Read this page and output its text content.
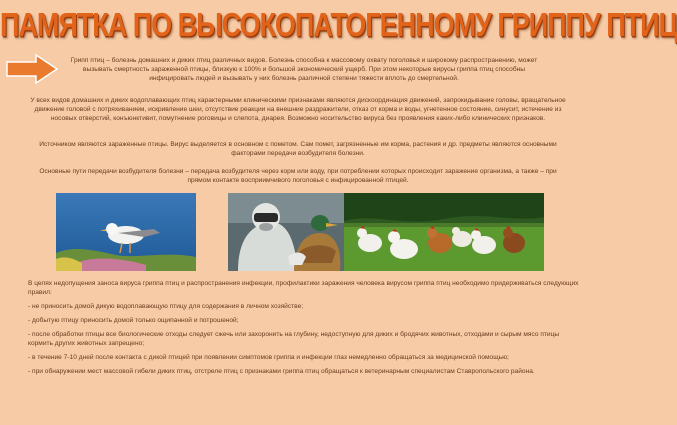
ПАМЯТКА ПО ВЫСОКОПАТОГЕННОМУ ГРИППУ ПТИЦ
Грипп птиц – болезнь домашних и диких птиц различных видов. Болезнь способна к массовому охвату поголовья и широкому распространению, может вызывать смертность зараженной птицы, близкую к 100% и большой экономический ущерб. При этом некоторые вирусы гриппа птиц способны инфицировать людей и вызывать у них болезнь различной степени тяжести вплоть до смертельной.
У всех видов домашних и диких водоплавающих птиц характерными клиническими признаками являются дискоординация движений, запрокидывание головы, вращательное движение головой с потряхиванием, искривление шеи, отсутствие реакции на внешние раздражители, отказ от корма и воды, угнетенное состояние, синусит, истечение из носовых отверстий, конъюнктивит, помутнение роговицы и слепота, диарея. Возможно носительство вируса без проявления каких-либо клинических признаков.
Источником являются зараженные птицы. Вирус выделяется в основном с пометом. Сам помет, загрязненные им корма, растения и др. предметы являются основными факторами передачи возбудителя болезни.
Основные пути передачи возбудителя болезни – передача возбудителя через корм или воду, при потреблении которых происходит заражение организма, а также – при прямом контакте восприимчивого поголовья с инфицированной птицей.

В целях недопущения заноса вируса гриппа птиц и распространения инфекции, профилактики заражения человека вирусом гриппа птиц необходимо придерживаться следующих правил:

- не приносить домой дикую водоплавающую птицу для содержания в личном хозяйстве;

- добытую птицу приносить домой только ощипанной и потрошеной;

- после обработки птицы все биологические отходы следует сжечь или захоронить на глубину, недоступную для диких и бродячих животных, отходами и сырым мясо птицы кормить других животных запрещено;

- в течение 7-10 дней после контакта с дикой птицей при появлении симптомов гриппа и инфекции глаз немедленно обращаться за медицинской помощью;

- при обнаружении мест массовой гибели диких птиц, отстреле птиц с признаками гриппа птиц обращаться к ветеринарным специалистам Ставропольского района.
